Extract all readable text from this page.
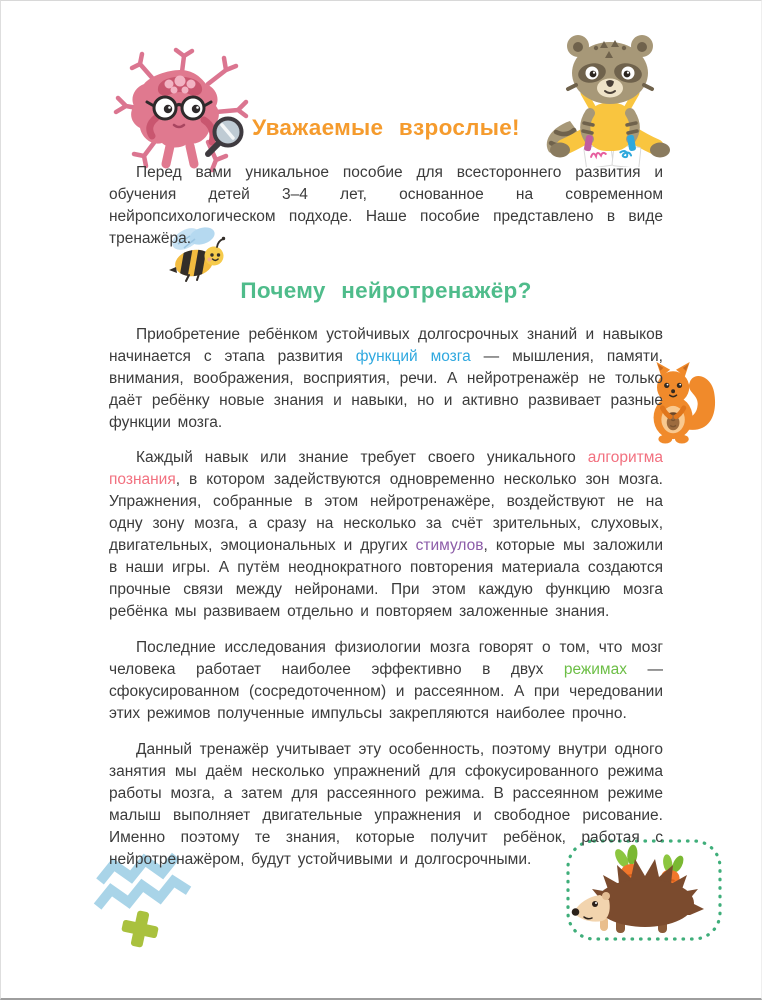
Уважаемые взрослые!

Перед вами уникальное пособие для всестороннего развития и обучения детей 3–4 лет, основанное на современном нейропсихологическом подходе. Наше пособие представлено в виде тренажёра.

Почему нейротренажёр?

Приобретение ребёнком устойчивых долгосрочных знаний и навыков начинается с этапа развития функций мозга — мышления, памяти, внимания, воображения, восприятия, речи. А нейротренажёр не только даёт ребёнку новые знания и навыки, но и активно развивает разные функции мозга.

Каждый навык или знание требует своего уникального алгоритма познания, в котором задействуются одновременно несколько зон мозга. Упражнения, собранные в этом нейротренажёре, воздействуют не на одну зону мозга, а сразу на несколько за счёт зрительных, слуховых, двигательных, эмоциональных и других стимулов, которые мы заложили в наши игры. А путём неоднократного повторения материала создаются прочные связи между нейронами. При этом каждую функцию мозга ребёнка мы развиваем отдельно и повторяем заложенные знания.

Последние исследования физиологии мозга говорят о том, что мозг человека работает наиболее эффективно в двух режимах — сфокусированном (сосредоточенном) и рассеянном. А при чередовании этих режимов полученные импульсы закрепляются наиболее прочно.

Данный тренажёр учитывает эту особенность, поэтому внутри одного занятия мы даём несколько упражнений для сфокусированного режима работы мозга, а затем для рассеянного режима. В рассеянном режиме малыш выполняет двигательные упражнения и свободное рисование. Именно поэтому те знания, которые получит ребёнок, работая с нейротренажёром, будут устойчивыми и долгосрочными.
